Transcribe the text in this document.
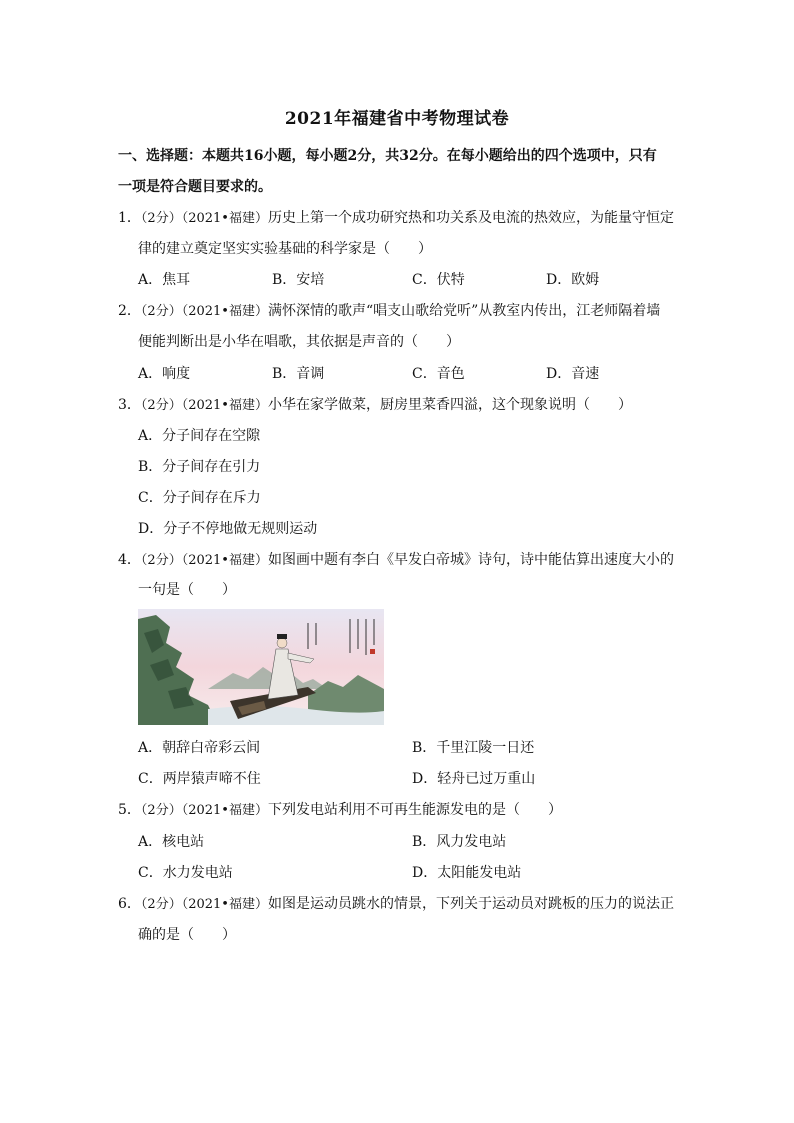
2021年福建省中考物理试卷
一、选择题：本题共16小题，每小题2分，共32分。在每小题给出的四个选项中，只有
一项是符合题目要求的。
1．（2分）（2021•福建）历史上第一个成功研究热和功关系及电流的热效应，为能量守恒定
律的建立奠定坚实实验基础的科学家是（　　）
A．焦耳	B．安培	C．伏特	D．欧姆
2．（2分）（2021•福建）满怀深情的歌声“唱支山歌给党听”从教室内传出，江老师隔着墙
便能判断出是小华在唱歌，其依据是声音的（　　）
A．响度	B．音调	C．音色	D．音速
3．（2分）（2021•福建）小华在家学做菜，厨房里菜香四溢，这个现象说明（　　）
A．分子间存在空隙
B．分子间存在引力
C．分子间存在斥力
D．分子不停地做无规则运动
4．（2分）（2021•福建）如图画中题有李白《早发白帝城》诗句，诗中能估算出速度大小的
一句是（　　）
A．朝辞白帝彩云间	B．千里江陵一日还
C．两岸猿声啼不住	D．轻舟已过万重山
5．（2分）（2021•福建）下列发电站利用不可再生能源发电的是（　　）
A．核电站	B．风力发电站
C．水力发电站	D．太阳能发电站
6．（2分）（2021•福建）如图是运动员跳水的情景，下列关于运动员对跳板的压力的说法正
确的是（　　）
